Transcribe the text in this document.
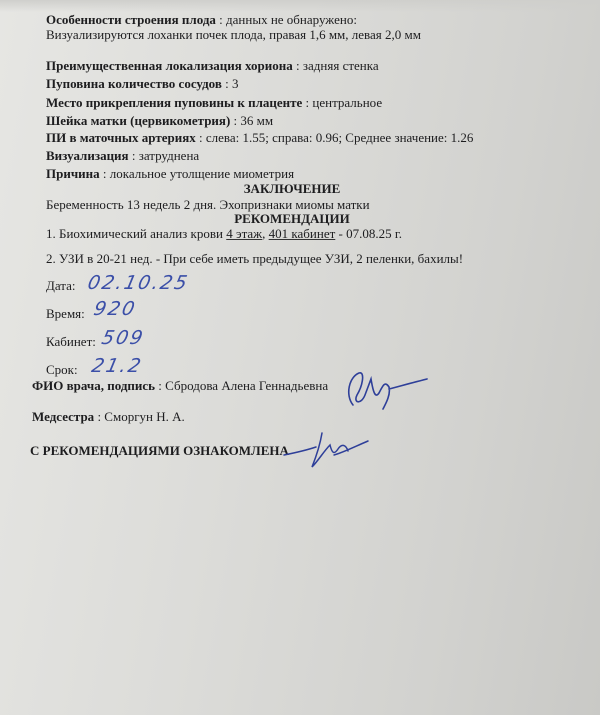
Особенности строения плода : данных не обнаружено:
Визуализируются лоханки почек плода, правая 1,6 мм, левая 2,0 мм
Преимущественная локализация хориона : задняя стенка
Пуповина количество сосудов : 3
Место прикрепления пуповины к плаценте : центральное
Шейка матки (цервикометрия) : 36 мм
ПИ в маточных артериях : слева: 1.55; справа: 0.96; Среднее значение: 1.26
Визуализация : затруднена
Причина : локальное утолщение миометрия
ЗАКЛЮЧЕНИЕ
Беременность 13 недель 2 дня. Эхопризнаки миомы матки
РЕКОМЕНДАЦИИ
1. Биохимический анализ крови 4 этаж, 401 кабинет - 07.08.25 г.
2. УЗИ в 20-21 нед. - При себе иметь предыдущее УЗИ, 2 пеленки, бахилы!
Дата: 02.10.25
Время: 920
Кабинет: 509
Срок: 21.2
ФИО врача, подпись : Сбродова Алена Геннадьевна
Медсестра : Сморгун Н. А.
С РЕКОМЕНДАЦИЯМИ ОЗНАКОМЛЕНА
